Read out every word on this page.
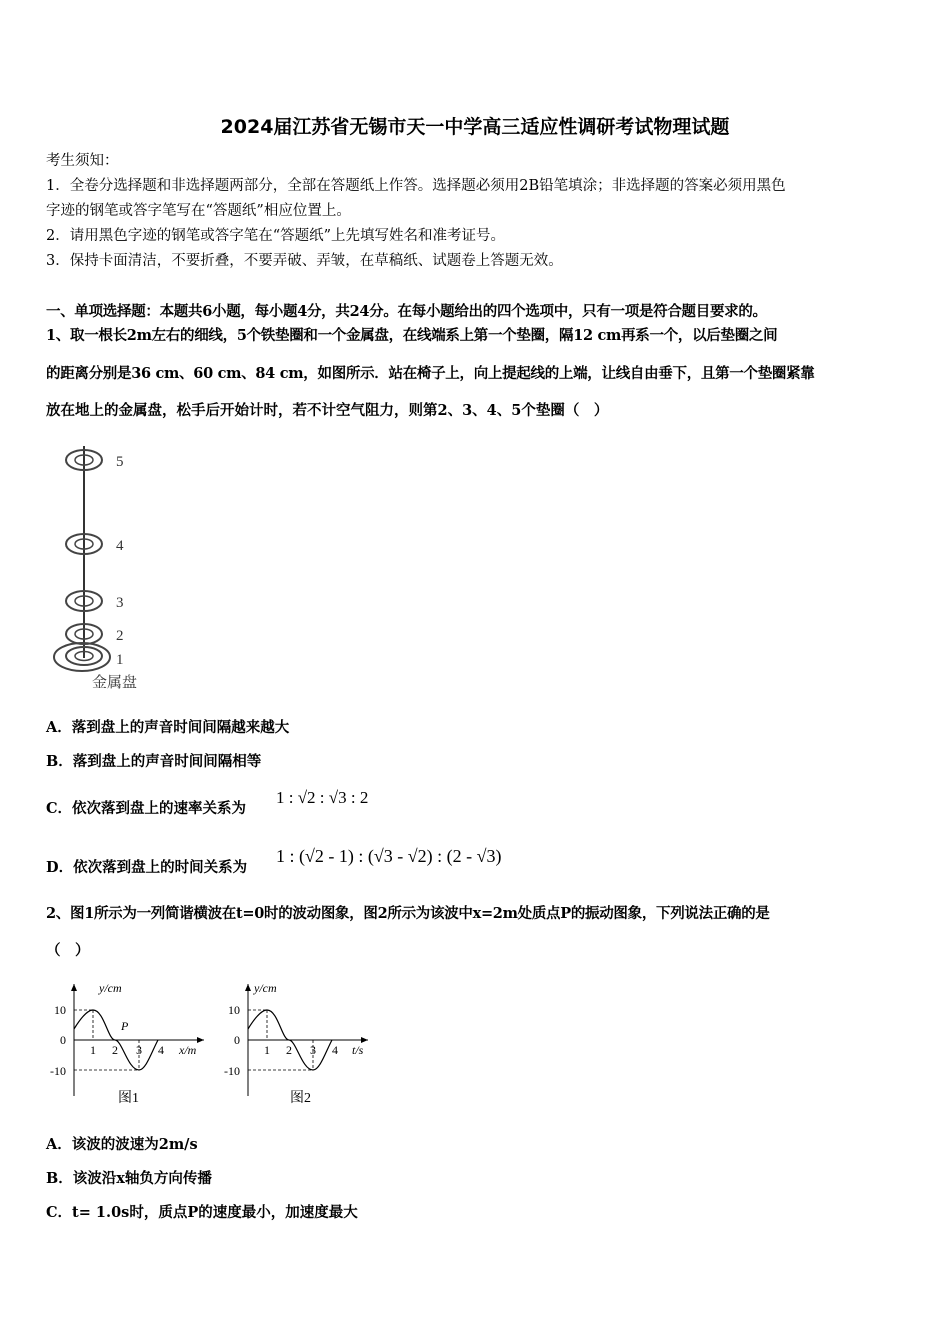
2024届江苏省无锡市天一中学高三适应性调研考试物理试题
考生须知：
1．全卷分选择题和非选择题两部分，全部在答题纸上作答。选择题必须用2B铅笔填涂；非选择题的答案必须用黑色
字迹的钢笔或答字笔写在“答题纸”相应位置上。
2．请用黑色字迹的钢笔或答字笔在“答题纸”上先填写姓名和准考证号。
3．保持卡面清洁，不要折叠，不要弄破、弄皱，在草稿纸、试题卷上答题无效。
一、单项选择题：本题共6小题，每小题4分，共24分。在每小题给出的四个选项中，只有一项是符合题目要求的。
1、取一根长2m左右的细线，5个铁垫圈和一个金属盘，在线端系上第一个垫圈，隔12 cm再系一个，以后垫圈之间
的距离分别是36 cm、60 cm、84 cm，如图所示．站在椅子上，向上提起线的上端，让线自由垂下，且第一个垫圈紧靠
放在地上的金属盘，松手后开始计时，若不计空气阻力，则第2、3、4、5个垫圈（　）
5
4
3
2
1
金属盘
A．落到盘上的声音时间间隔越来越大
B．落到盘上的声音时间间隔相等
C．依次落到盘上的速率关系为
1 : √2 : √3 : 2
D．依次落到盘上的时间关系为
1 : (√2 - 1) : (√3 - √2) : (2 - √3)
2、图1所示为一列简谐横波在t=0时的波动图象，图2所示为该波中x=2m处质点P的振动图象，下列说法正确的是
（　）
y/cm
x/m
10
0
-10
1 2 3 4
P
图1
y/cm
t/s
10
0
-10
1 2 3 4
图2
A．该波的波速为2m/s
B．该波沿x轴负方向传播
C．t= 1.0s时，质点P的速度最小，加速度最大
